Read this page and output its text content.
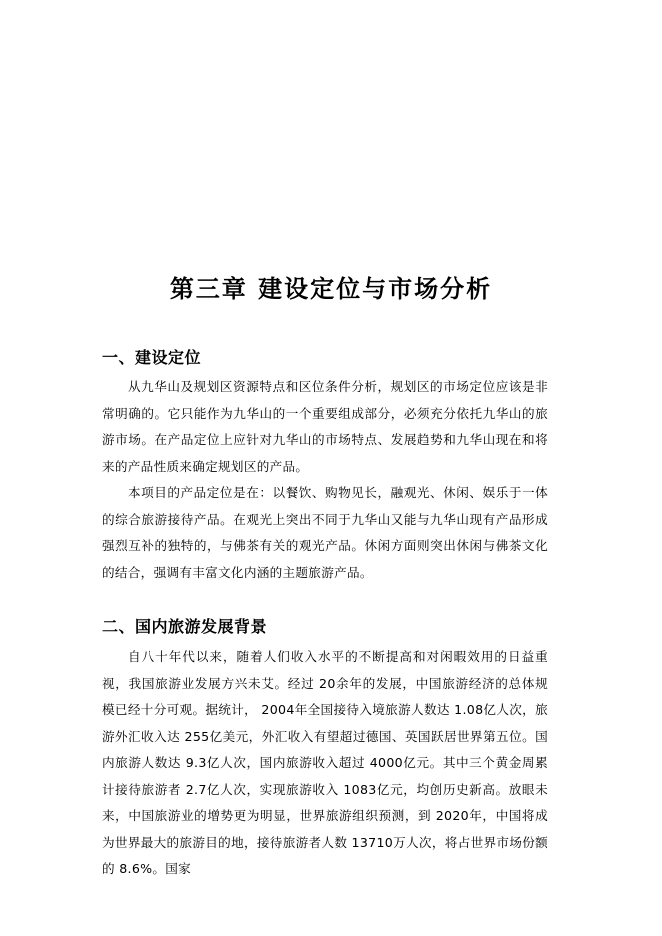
第三章 建设定位与市场分析
一、建设定位

从九华山及规划区资源特点和区位条件分析，规划区的市场定位应该是非常明确的。它只能作为九华山的一个重要组成部分，必须充分依托九华山的旅游市场。在产品定位上应针对九华山的市场特点、发展趋势和九华山现在和将来的产品性质来确定规划区的产品。

本项目的产品定位是在：以餐饮、购物见长，融观光、休闲、娱乐于一体的综合旅游接待产品。在观光上突出不同于九华山又能与九华山现有产品形成强烈互补的独特的，与佛茶有关的观光产品。休闲方面则突出休闲与佛茶文化的结合，强调有丰富文化内涵的主题旅游产品。

二、国内旅游发展背景

自八十年代以来，随着人们收入水平的不断提高和对闲暇效用的日益重视，我国旅游业发展方兴未艾。经过 20余年的发展，中国旅游经济的总体规模已经十分可观。据统计， 2004年全国接待入境旅游人数达 1.08亿人次，旅游外汇收入达 255亿美元，外汇收入有望超过德国、英国跃居世界第五位。国内旅游人数达 9.3亿人次，国内旅游收入超过 4000亿元。其中三个黄金周累计接待旅游者 2.7亿人次，实现旅游收入 1083亿元，均创历史新高。放眼未来，中国旅游业的增势更为明显，世界旅游组织预测，到 2020年，中国将成为世界最大的旅游目的地，接待旅游者人数 13710万人次，将占世界市场份额的 8.6%。国家
